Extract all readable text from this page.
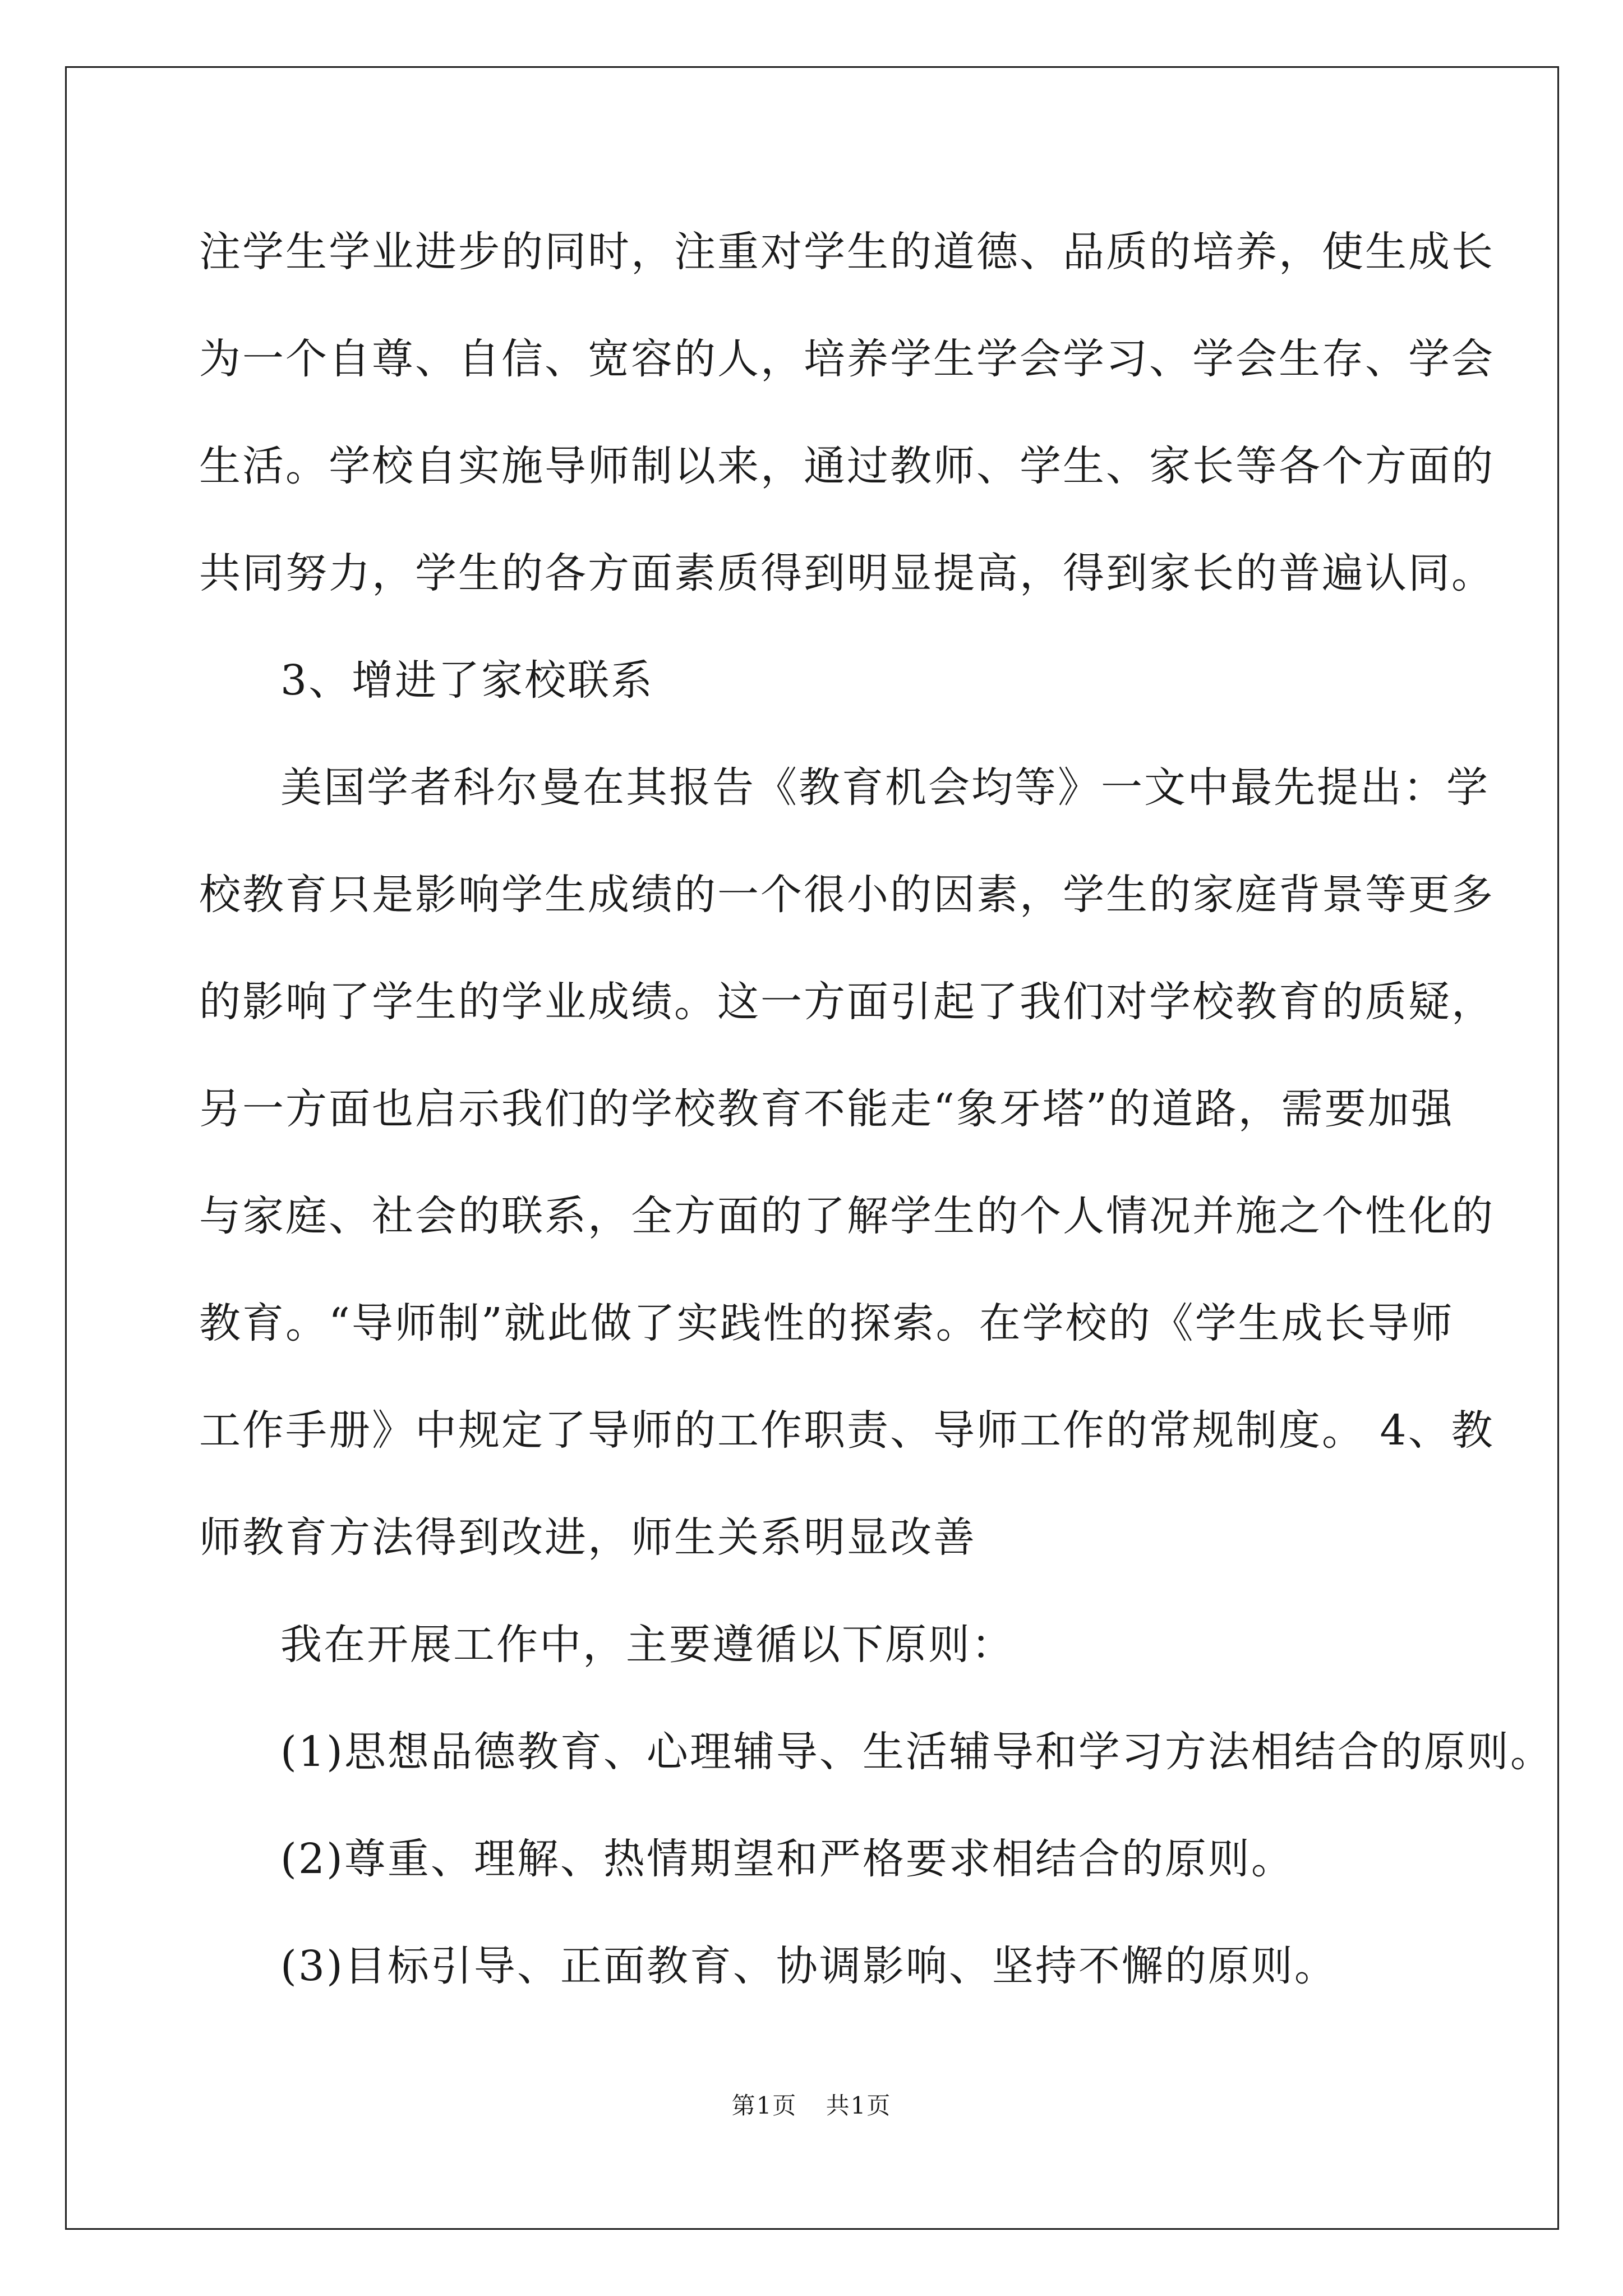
注学生学业进步的同时，注重对学生的道德、品质的培养，使生成长
为一个自尊、自信、宽容的人，培养学生学会学习、学会生存、学会
生活。学校自实施导师制以来，通过教师、学生、家长等各个方面的
共同努力，学生的各方面素质得到明显提高，得到家长的普遍认同。
3、增进了家校联系
美国学者科尔曼在其报告《教育机会均等》一文中最先提出：学
校教育只是影响学生成绩的一个很小的因素，学生的家庭背景等更多
的影响了学生的学业成绩。这一方面引起了我们对学校教育的质疑，
另一方面也启示我们的学校教育不能走“象牙塔”的道路，需要加强
与家庭、社会的联系，全方面的了解学生的个人情况并施之个性化的
教育。“导师制”就此做了实践性的探索。在学校的《学生成长导师
工作手册》中规定了导师的工作职责、导师工作的常规制度。 4、教
师教育方法得到改进，师生关系明显改善
我在开展工作中，主要遵循以下原则：
(1)思想品德教育、心理辅导、生活辅导和学习方法相结合的原则。
(2)尊重、理解、热情期望和严格要求相结合的原则。
(3)目标引导、正面教育、协调影响、坚持不懈的原则。
第1页 共1页
